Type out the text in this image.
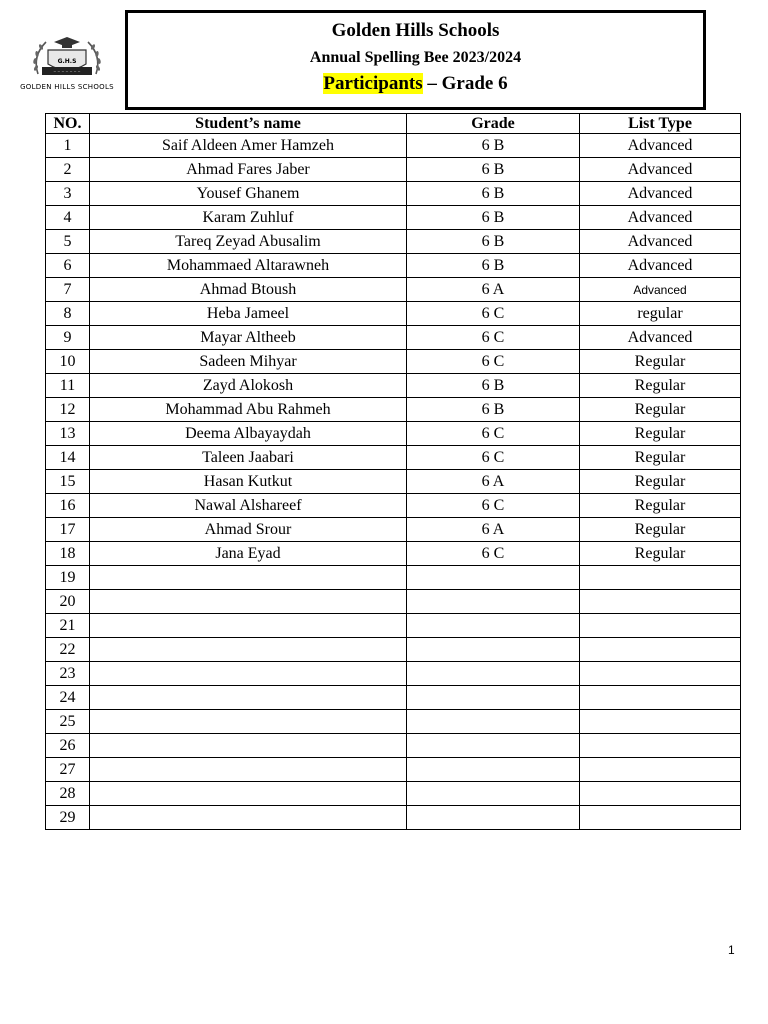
~ ~ ~ ~ ~ ~ ~
G.H.S
GOLDEN HILLS SCHOOLS
Golden Hills Schools
Annual Spelling Bee 2023/2024
Participants – Grade 6
NO.	Student’s name	Grade	List Type
1	Saif Aldeen Amer Hamzeh	6 B	Advanced
2	Ahmad Fares Jaber	6 B	Advanced
3	Yousef Ghanem	6 B	Advanced
4	Karam Zuhluf	6 B	Advanced
5	Tareq Zeyad Abusalim	6 B	Advanced
6	Mohammaed Altarawneh	6 B	Advanced
7	Ahmad Btoush	6 A	Advanced
8	Heba Jameel	6 C	regular
9	Mayar Altheeb	6 C	Advanced
10	Sadeen Mihyar	6 C	Regular
11	Zayd Alokosh	6 B	Regular
12	Mohammad Abu Rahmeh	6 B	Regular
13	Deema Albayaydah	6 C	Regular
14	Taleen Jaabari	6 C	Regular
15	Hasan Kutkut	6 A	Regular
16	Nawal Alshareef	6 C	Regular
17	Ahmad Srour	6 A	Regular
18	Jana Eyad	6 C	Regular
19			
20			
21			
22			
23			
24			
25			
26			
27			
28			
29			
1
